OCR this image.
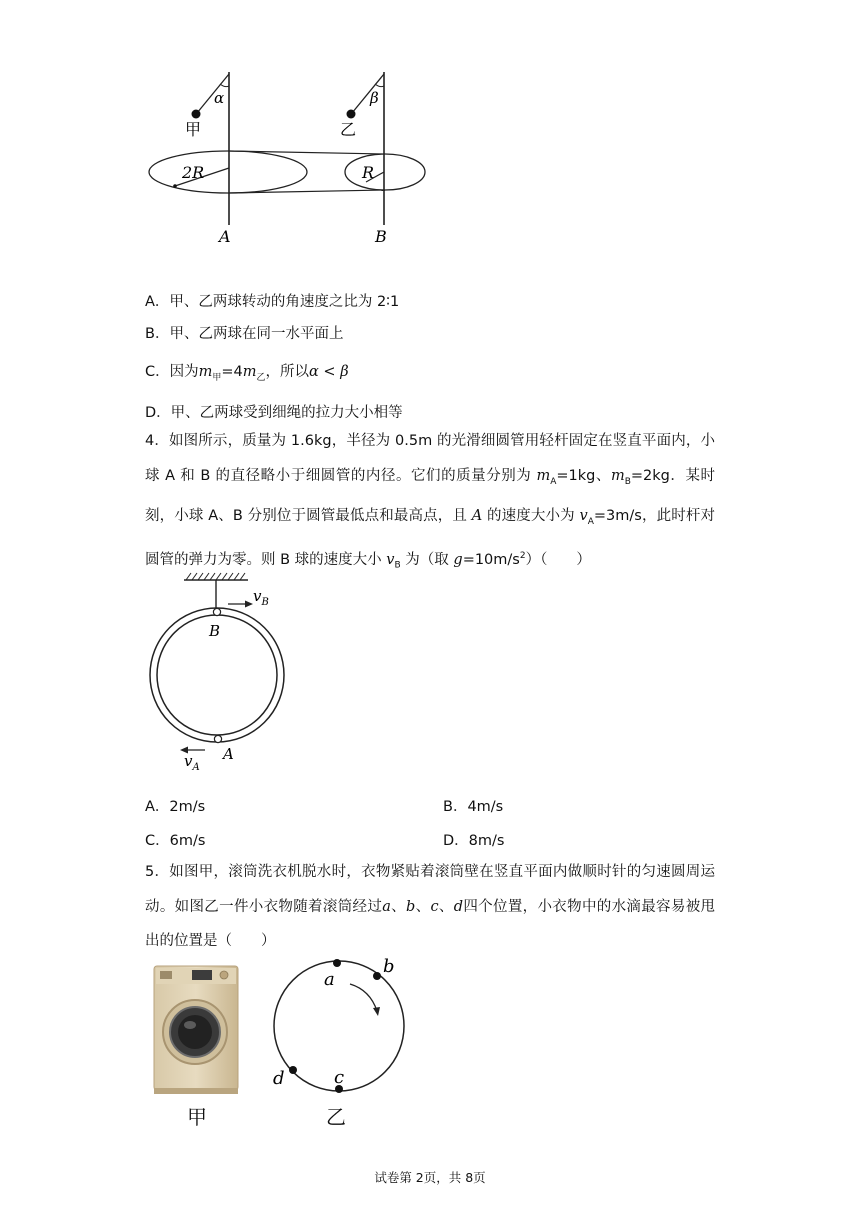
甲	乙
α	β
2R	R
A	B
A．甲、乙两球转动的角速度之比为 2∶1
B．甲、乙两球在同一水平面上
C．因为$m_甲=4m_乙$，所以α < β
D．甲、乙两球受到细绳的拉力大小相等
4．如图所示，质量为 1.6kg，半径为 0.5m 的光滑细圆管用轻杆固定在竖直平面内，小球 A 和 B 的直径略小于细圆管的内径。它们的质量分别为 $m_A=1kg$、$m_B=2kg$．某时刻，小球 A、B 分别位于圆管最低点和最高点，且 A 的速度大小为 $v_A=3m/s$，此时杆对圆管的弹力为零。则 B 球的速度大小 $v_B$ 为（取 $g=10m/s^2$）（　　）
$v_B$
B
$v_A$
A
A．2m/s	B．4m/s
C．6m/s	D．8m/s
5．如图甲，滚筒洗衣机脱水时，衣物紧贴着滚筒壁在竖直平面内做顺时针的匀速圆周运动。如图乙一件小衣物随着滚筒经过a、b、c、d四个位置，小衣物中的水滴最容易被甩出的位置是（　　）
甲
a
b
c
d
乙
试卷第 2页，共 8页
